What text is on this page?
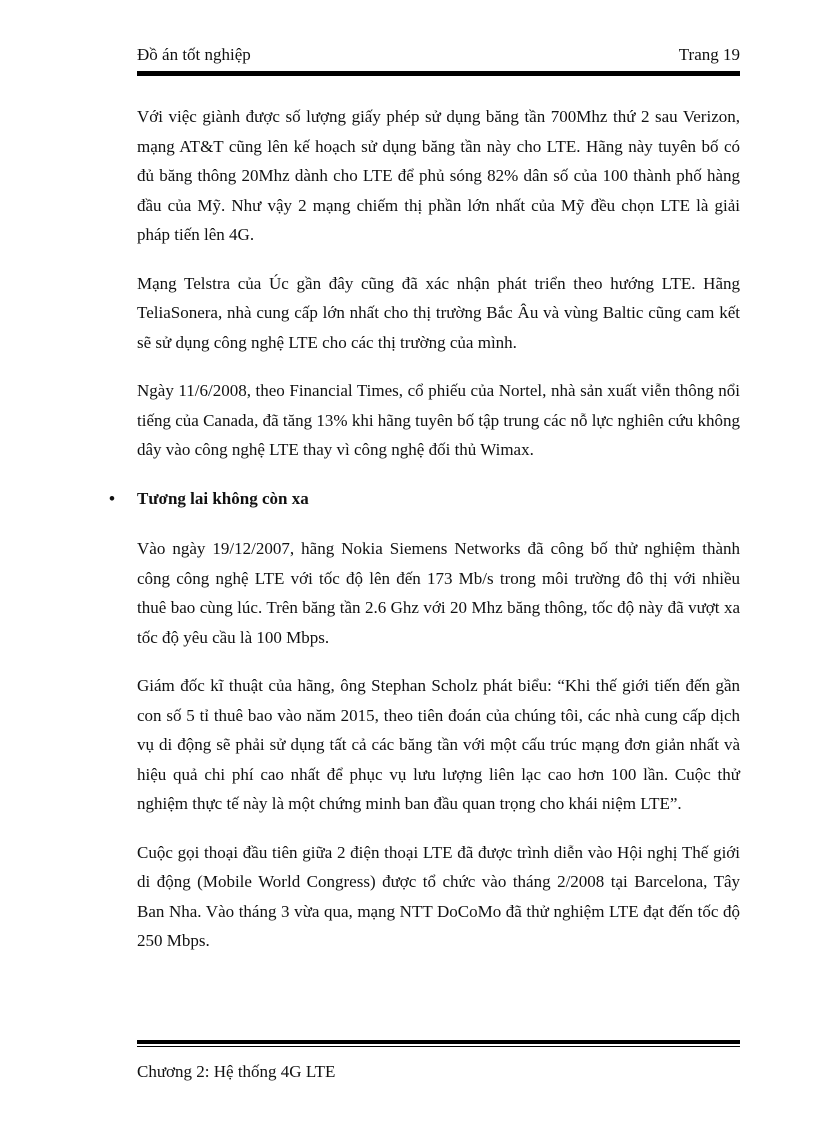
Đồ án tốt nghiệp	Trang 19

Với việc giành được số lượng giấy phép sử dụng băng tần 700Mhz thứ 2 sau Verizon, mạng AT&T cũng lên kế hoạch sử dụng băng tần này cho LTE. Hãng này tuyên bố có đủ băng thông 20Mhz dành cho LTE để phủ sóng 82% dân số của 100 thành phố hàng đầu của Mỹ. Như vậy 2 mạng chiếm thị phần lớn nhất của Mỹ đều chọn LTE là giải pháp tiến lên 4G.

Mạng Telstra của Úc gần đây cũng đã xác nhận phát triển theo hướng LTE. Hãng TeliaSonera, nhà cung cấp lớn nhất cho thị trường Bắc Âu và vùng Baltic cũng cam kết sẽ sử dụng công nghệ LTE cho các thị trường của mình.

Ngày 11/6/2008, theo Financial Times, cổ phiếu của Nortel, nhà sản xuất viễn thông nổi tiếng của Canada, đã tăng 13% khi hãng tuyên bố tập trung các nỗ lực nghiên cứu không dây vào công nghệ LTE thay vì công nghệ đối thủ Wimax.

• Tương lai không còn xa

Vào ngày 19/12/2007, hãng Nokia Siemens Networks đã công bố thử nghiệm thành công công nghệ LTE với tốc độ lên đến 173 Mb/s trong môi trường đô thị với nhiều thuê bao cùng lúc. Trên băng tần 2.6 Ghz với 20 Mhz băng thông, tốc độ này đã vượt xa tốc độ yêu cầu là 100 Mbps.

Giám đốc kĩ thuật của hãng, ông Stephan Scholz phát biểu: “Khi thế giới tiến đến gần con số 5 tỉ thuê bao vào năm 2015, theo tiên đoán của chúng tôi, các nhà cung cấp dịch vụ di động sẽ phải sử dụng tất cả các băng tần với một cấu trúc mạng đơn giản nhất và hiệu quả chi phí cao nhất để phục vụ lưu lượng liên lạc cao hơn 100 lần. Cuộc thử nghiệm thực tế này là một chứng minh ban đầu quan trọng cho khái niệm LTE”.

Cuộc gọi thoại đầu tiên giữa 2 điện thoại LTE đã được trình diễn vào Hội nghị Thế giới di động (Mobile World Congress) được tổ chức vào tháng 2/2008 tại Barcelona, Tây Ban Nha. Vào tháng 3 vừa qua, mạng NTT DoCoMo đã thử nghiệm LTE đạt đến tốc độ 250 Mbps.

Chương 2: Hệ thống 4G LTE
